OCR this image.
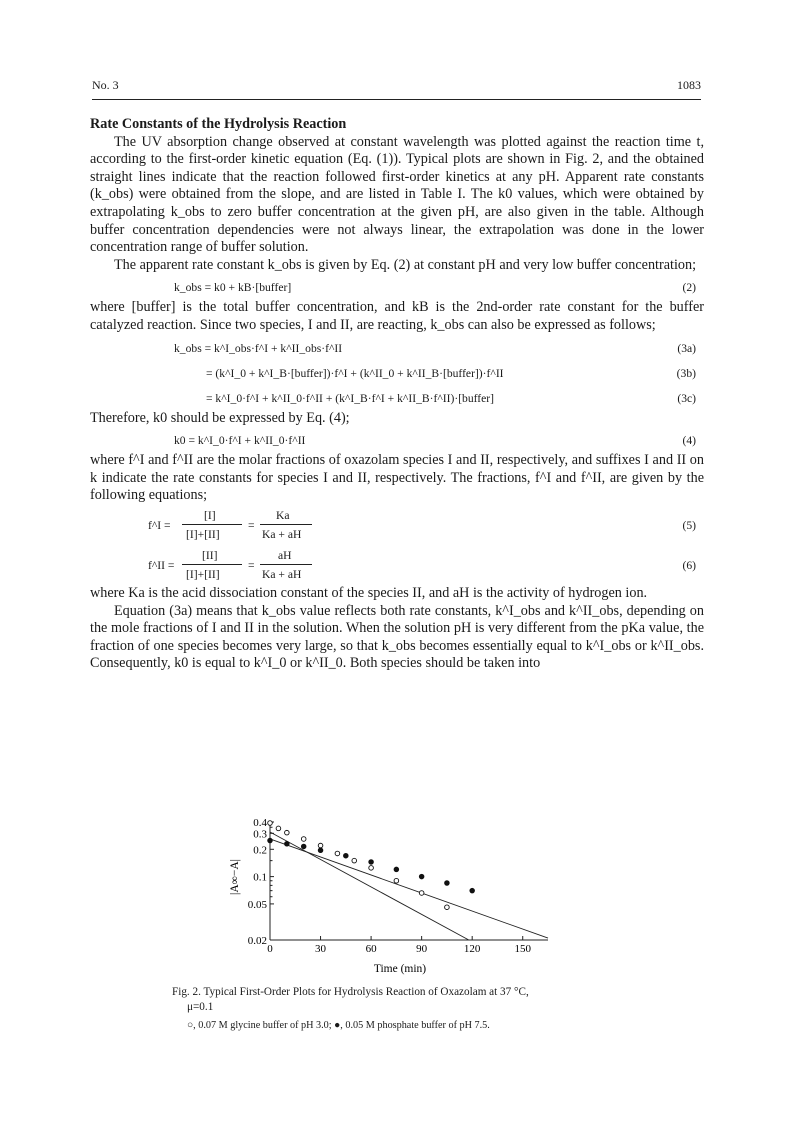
No. 3	1083

Rate Constants of the Hydrolysis Reaction

The UV absorption change observed at constant wavelength was plotted against the reaction time t, according to the first-order kinetic equation (Eq. (1)). Typical plots are shown in Fig. 2, and the obtained straight lines indicate that the reaction followed first-order kinetics at any pH. Apparent rate constants (k_obs) were obtained from the slope, and are listed in Table I. The k0 values, which were obtained by extrapolating k_obs to zero buffer concentration at the given pH, are also given in the table. Although buffer concentration dependencies were not always linear, the extrapolation was done in the lower concentration range of buffer solution.

The apparent rate constant k_obs is given by Eq. (2) at constant pH and very low buffer concentration;

k_obs = k0 + kB·[buffer]	(2)

where [buffer] is the total buffer concentration, and kB is the 2nd-order rate constant for the buffer catalyzed reaction. Since two species, I and II, are reacting, k_obs can also be expressed as follows;

k_obs = k^I_obs·f^I + k^II_obs·f^II	(3a)
= (k^I_0 + k^I_B·[buffer])·f^I + (k^II_0 + k^II_B·[buffer])·f^II	(3b)
= k^I_0·f^I + k^II_0·f^II + (k^I_B·f^I + k^II_B·f^II)·[buffer]	(3c)

Therefore, k0 should be expressed by Eq. (4);

k0 = k^I_0·f^I + k^II_0·f^II	(4)

where f^I and f^II are the molar fractions of oxazolam species I and II, respectively, and suffixes I and II on k indicate the rate constants for species I and II, respectively. The fractions, f^I and f^II, are given by the following equations;

f^I =
[I]
[I]+[II]
=
Ka
Ka + aH
(5)
f^II =
[II]
[I]+[II]
=
aH
Ka + aH
(6)

where Ka is the acid dissociation constant of the species II, and aH is the activity of hydrogen ion.

Equation (3a) means that k_obs value reflects both rate constants, k^I_obs and k^II_obs, depending on the mole fractions of I and II in the solution. When the solution pH is very different from the pKa value, the fraction of one species becomes very large, so that k_obs becomes essentially equal to k^I_obs or k^II_obs. Consequently, k0 is equal to k^I_0 or k^II_0. Both species should be taken into

0	30	60	90	120	150
0.02
0.05
0.1
0.2
0.3
0.4
Time (min)
|A∞−A|
Fig. 2. Typical First-Order Plots for Hydrolysis Reaction of Oxazolam at 37 °C,
μ=0.1
○, 0.07 M glycine buffer of pH 3.0; ●, 0.05 M phosphate buffer of pH 7.5.
